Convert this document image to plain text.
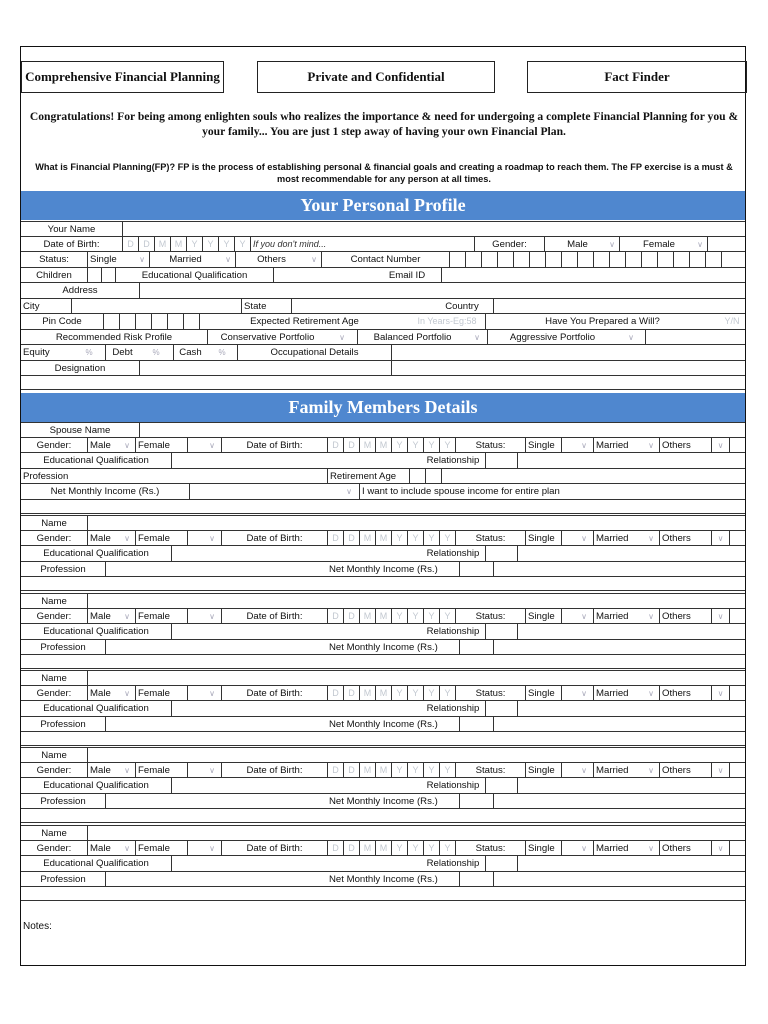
Comprehensive Financial Planning	Private and Confidential	Fact Finder
Congratulations! For being among enlighten souls who realizes the importance & need for undergoing a complete Financial Planning for you & your family... You are just 1 step away of having your own Financial Plan.
What is Financial Planning(FP)? FP is the process of establishing personal & financial goals and creating a roadmap to reach them. The FP exercise is a must & most recommendable for any person at all times.
Your Personal Profile
Your Name
Date of Birth:	D	D	M M	Y	Y	Y	Y If you don't mind...	Gender:	Male	∨	Female	∨
Status:	Single	∨	Married	∨	Others	∨	Contact Number
Children	Educational Qualification	Email ID
Address
City	State	Country
Pin Code	Expected Retirement Age	In Years-Eg:58	Have You Prepared a Will?	Y/N
Recommended Risk Profile	Conservative Portfolio	∨	Balanced Portfolio	∨	Aggressive Portfolio	∨
Equity	%	Debt	%	Cash	%	Occupational Details
Designation
Family Members Details
Spouse Name
Gender:	Male	∨ Female	∨	Date of Birth:	D	D	M M	Y	Y	Y	Y	Status:	Single	∨ Married	∨ Others	∨
Educational Qualification	Relationship
Profession	Retirement Age
Net Monthly Income (Rs.)	∨	I want to include spouse income for entire plan
Name
Gender:	Male	∨ Female	∨	Date of Birth:	D	D	M M	Y	Y	Y	Y	Status:	Single	∨ Married	∨ Others	∨
Educational Qualification	Relationship
Profession	Net Monthly Income (Rs.)
Name
Gender:	Male	∨ Female	∨	Date of Birth:	D	D	M M	Y	Y	Y	Y	Status:	Single	∨ Married	∨ Others	∨
Educational Qualification	Relationship
Profession	Net Monthly Income (Rs.)
Name
Gender:	Male	∨ Female	∨	Date of Birth:	D	D	M M	Y	Y	Y	Y	Status:	Single	∨ Married	∨ Others	∨
Educational Qualification	Relationship
Profession	Net Monthly Income (Rs.)
Name
Gender:	Male	∨ Female	∨	Date of Birth:	D	D	M M	Y	Y	Y	Y	Status:	Single	∨ Married	∨ Others	∨
Educational Qualification	Relationship
Profession	Net Monthly Income (Rs.)
Name
Gender:	Male	∨ Female	∨	Date of Birth:	D	D	M M	Y	Y	Y	Y	Status:	Single	∨ Married	∨ Others	∨
Educational Qualification	Relationship
Profession	Net Monthly Income (Rs.)
Notes:
